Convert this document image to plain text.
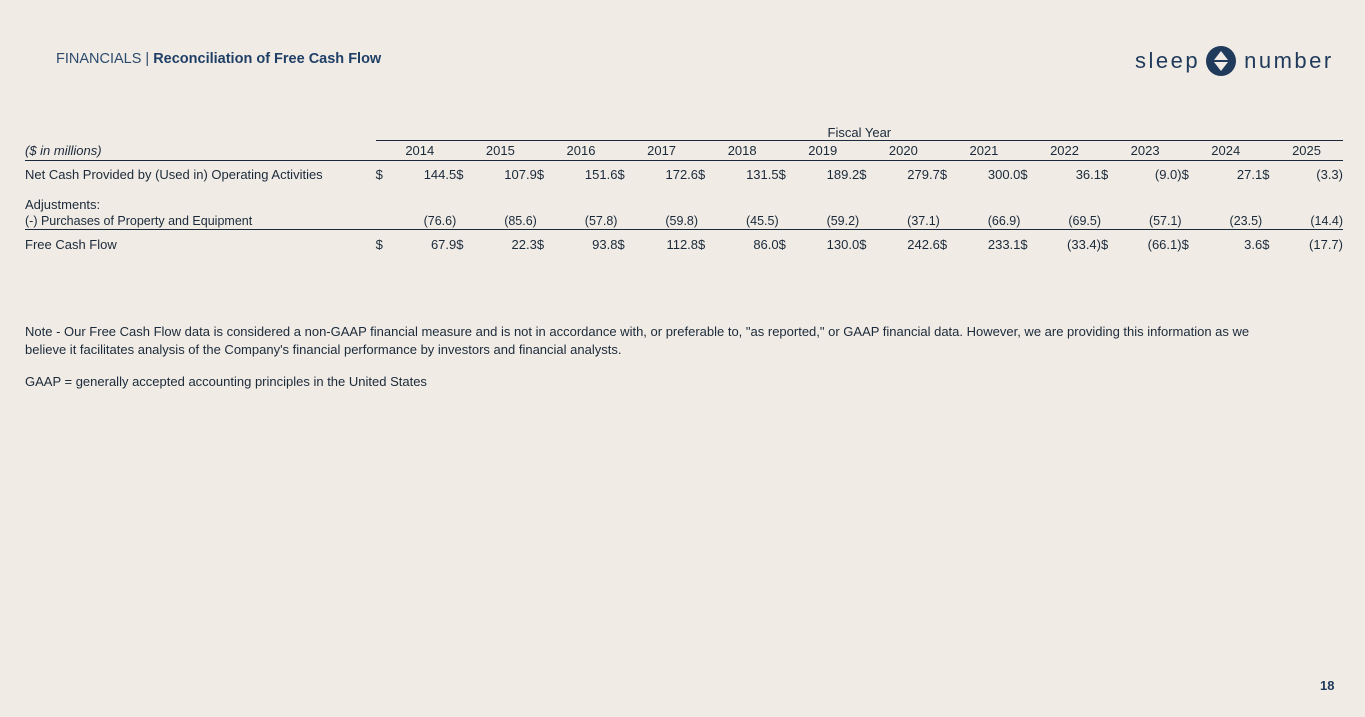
FINANCIALS | Reconciliation of Free Cash Flow	sleep number
	Fiscal Year																							
($ in millions)	2014		2015		2016		2017		2018		2019		2020		2021		2022		2023		2024		2025	
Net Cash Provided by (Used in) Operating Activities	$	144.5	$	107.9	$	151.6	$	172.6	$	131.5	$	189.2	$	279.7	$	300.0	$	36.1	$	(9.0)	$	27.1	$	(3.3)

Adjustments:																								
(-) Purchases of Property and Equipment		(76.6)		(85.6)		(57.8)		(59.8)		(45.5)		(59.2)		(37.1)		(66.9)		(69.5)		(57.1)		(23.5)		(14.4)
Free Cash Flow	$	67.9	$	22.3	$	93.8	$	112.8	$	86.0	$	130.0	$	242.6	$	233.1	$	(33.4)	$	(66.1)	$	3.6	$	(17.7)
Note - Our Free Cash Flow data is considered a non-GAAP financial measure and is not in accordance with, or preferable to, "as reported," or GAAP financial data. However, we are providing this information as we believe it facilitates analysis of the Company's financial performance by investors and financial analysts.
GAAP = generally accepted accounting principles in the United States
18
